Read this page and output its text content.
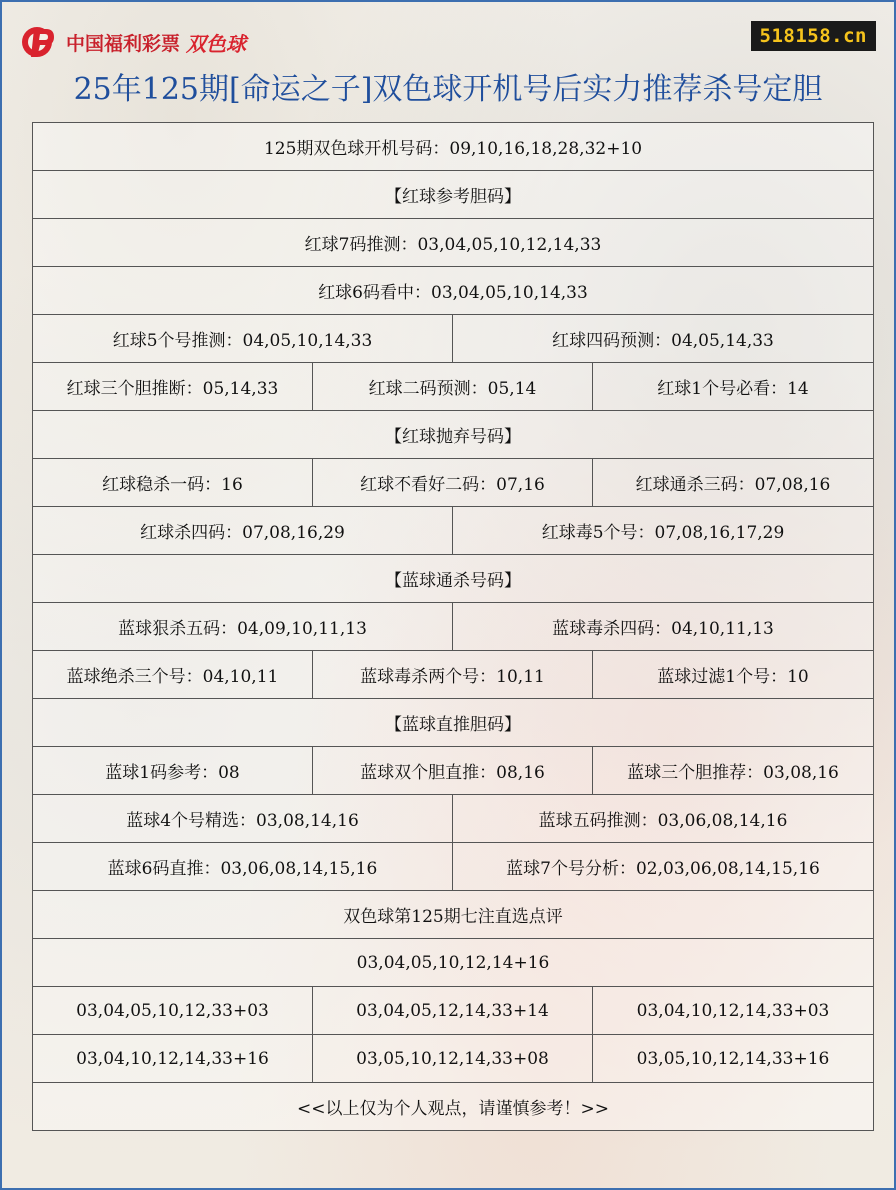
中国福利彩票 双色球	518158.cn
25年125期[命运之子]双色球开机号后实力推荐杀号定胆
125期双色球开机号码：09,10,16,18,28,32+10			
【红球参考胆码】			
红球7码推测：03,04,05,10,12,14,33			
红球6码看中：03,04,05,10,14,33			
红球5个号推测：04,05,10,14,33		红球四码预测：04,05,14,33	
红球三个胆推断：05,14,33	红球二码预测：05,14		红球1个号必看：14
【红球抛弃号码】			
红球稳杀一码：16	红球不看好二码：07,16		红球通杀三码：07,08,16
红球杀四码：07,08,16,29		红球毒5个号：07,08,16,17,29	
【蓝球通杀号码】			
蓝球狠杀五码：04,09,10,11,13		蓝球毒杀四码：04,10,11,13	
蓝球绝杀三个号：04,10,11	蓝球毒杀两个号：10,11		蓝球过滤1个号：10
【蓝球直推胆码】			
蓝球1码参考：08	蓝球双个胆直推：08,16		蓝球三个胆推荐：03,08,16
蓝球4个号精选：03,08,14,16		蓝球五码推测：03,06,08,14,16	
蓝球6码直推：03,06,08,14,15,16		蓝球7个号分析：02,03,06,08,14,15,16	
双色球第125期七注直选点评			
03,04,05,10,12,14+16			
03,04,05,10,12,33+03	03,04,05,12,14,33+14		03,04,10,12,14,33+03
03,04,10,12,14,33+16	03,05,10,12,14,33+08		03,05,10,12,14,33+16
<<以上仅为个人观点，请谨慎参考！>>			
